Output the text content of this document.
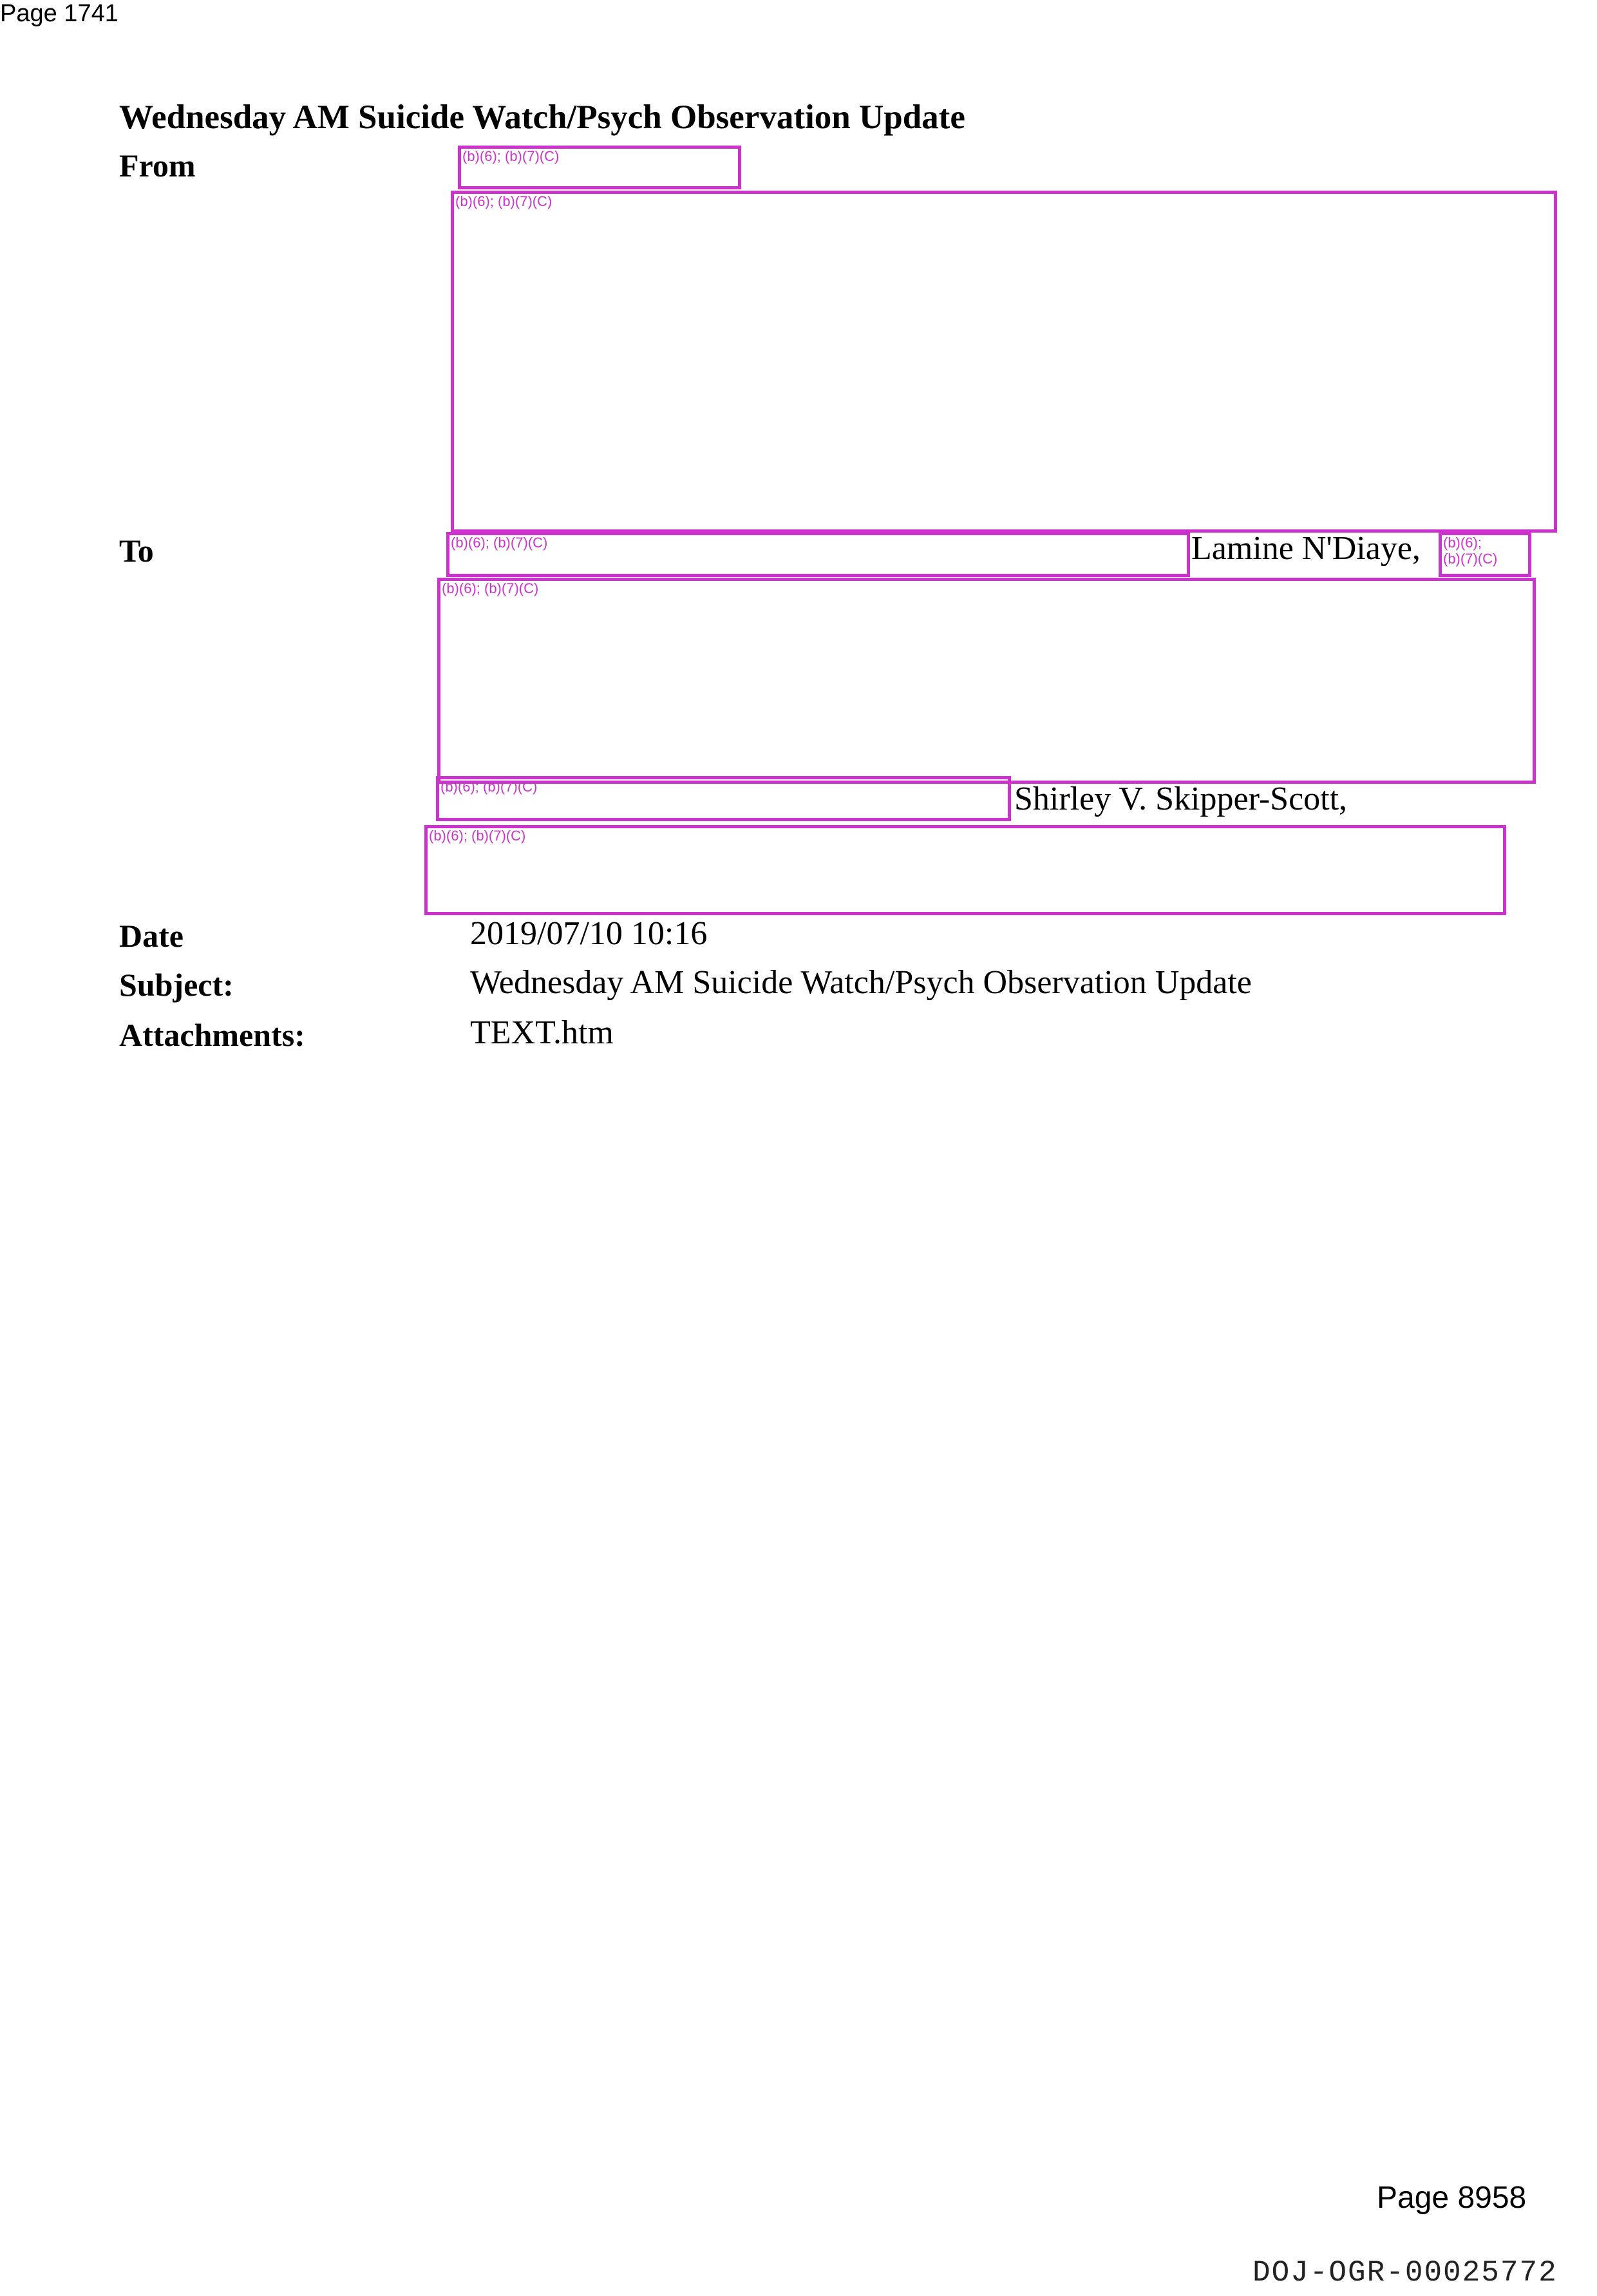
Page 1741
Wednesday AM Suicide Watch/Psych Observation Update
From	(b)(6); (b)(7)(C)
(b)(6); (b)(7)(C)
To	(b)(6); (b)(7)(C)	Lamine N'Diaye, (b)(6);
(b)(7)(C)
(b)(6); (b)(7)(C)
(b)(6); (b)(7)(C)	Shirley V. Skipper-Scott,
(b)(6); (b)(7)(C)
Date	2019/07/10 10:16
Subject:	Wednesday AM Suicide Watch/Psych Observation Update
Attachments:	TEXT.htm
Page 8958
DOJ-OGR-00025772
